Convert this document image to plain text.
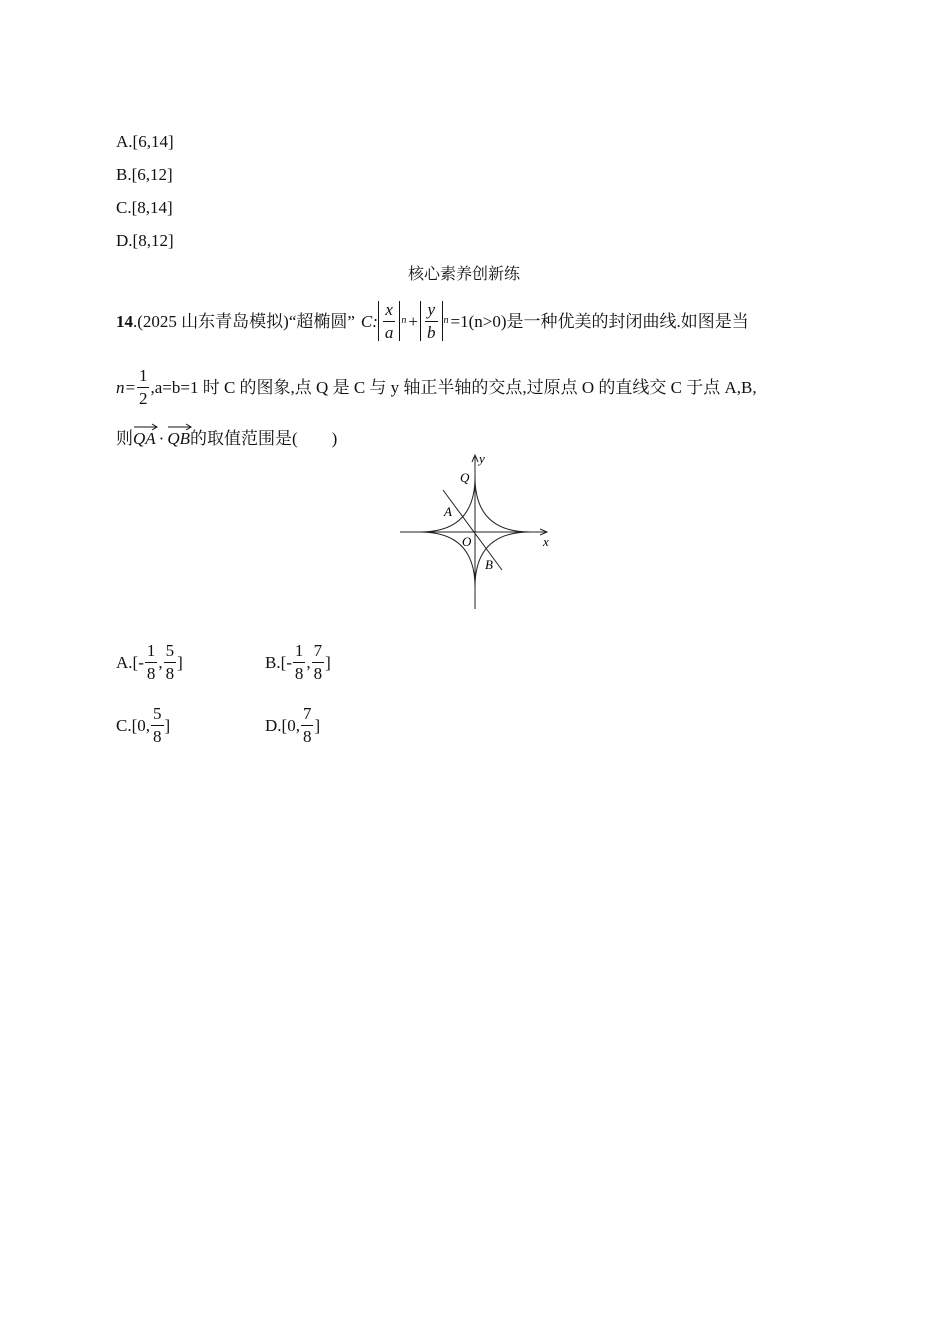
A.[6,14]
B.[6,12]
C.[8,14]
D.[8,12]
核心素养创新练
14 .(2025 山东青岛模拟) “超椭圆” C: $\frac{x}{a}$ $n + \frac{y}{b}$ n =1(n>0) 是一种优美的封闭曲线.如图是当
$n= \frac{1}{2} ,a=b=1$ 时 C 的图象,点 Q 是 C 与 y 轴正半轴的交点,过原点 O 的直线交 C 于点 A,B,
则
QA · QB的取值范围是(　　)
y
x
Q
A
O
B
$A.[- \frac{1}{8}$ , $\frac{5}{8}$ ]	$B.[- \frac{1}{8}$ , $\frac{7}{8}$ ]
C.[0, $\frac{5}{8}$ ]	D.[0, $\frac{7}{8}$ ]
